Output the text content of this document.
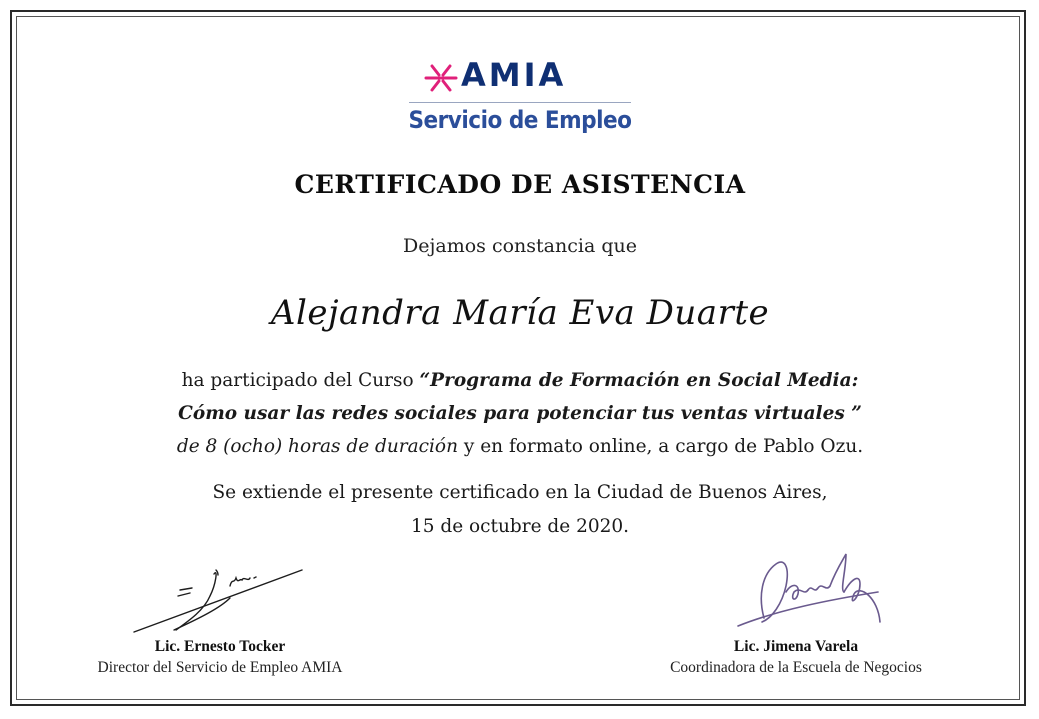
AMIA
Servicio de Empleo
CERTIFICADO DE ASISTENCIA
Dejamos constancia que
Alejandra María Eva Duarte
ha participado del Curso “Programa de Formación en Social Media:
Cómo usar las redes sociales para potenciar tus ventas virtuales ”
de 8 (ocho) horas de duración y en formato online, a cargo de Pablo Ozu.
Se extiende el presente certificado en la Ciudad de Buenos Aires,
15 de octubre de 2020.
Lic. Ernesto Tocker
Director del Servicio de Empleo AMIA
Lic. Jimena Varela
Coordinadora de la Escuela de Negocios
